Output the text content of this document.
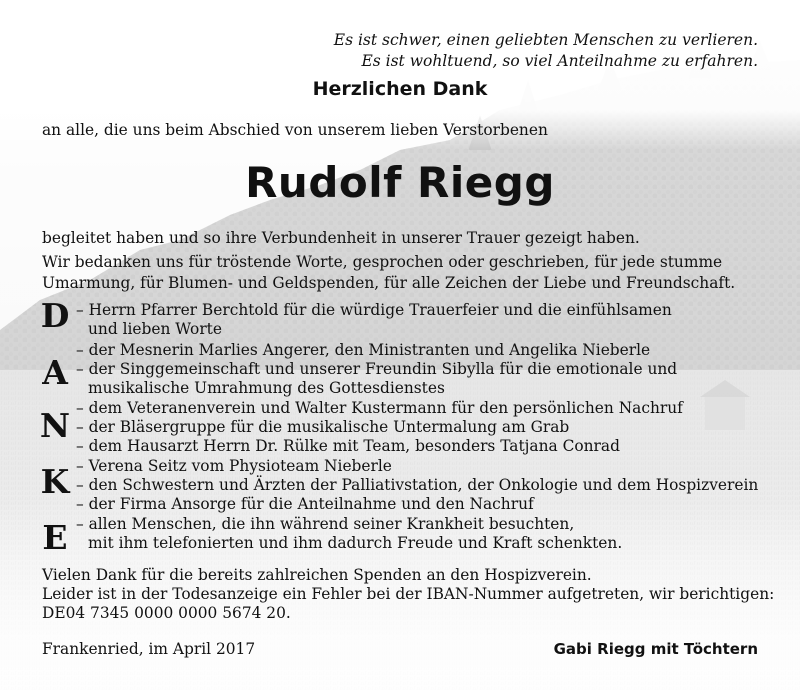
Es ist schwer, einen geliebten Menschen zu verlieren.
Es ist wohltuend, so viel Anteilnahme zu erfahren.
Herzlichen Dank
an alle, die uns beim Abschied von unserem lieben Verstorbenen
Rudolf Riegg
begleitet haben und so ihre Verbundenheit in unserer Trauer gezeigt haben.
Wir bedanken uns für tröstende Worte, gesprochen oder geschrieben, für jede stumme
Umarmung, für Blumen- und Geldspenden, für alle Zeichen der Liebe und Freundschaft.
D
A
N
K
E
– Herrn Pfarrer Berchtold für die würdige Trauerfeier und die einfühlsamen
und lieben Worte
– der Mesnerin Marlies Angerer, den Ministranten und Angelika Nieberle
– der Singgemeinschaft und unserer Freundin Sibylla für die emotionale und
musikalische Umrahmung des Gottesdienstes
– dem Veteranenverein und Walter Kustermann für den persönlichen Nachruf
– der Bläsergruppe für die musikalische Untermalung am Grab
– dem Hausarzt Herrn Dr. Rülke mit Team, besonders Tatjana Conrad
– Verena Seitz vom Physioteam Nieberle
– den Schwestern und Ärzten der Palliativstation, der Onkologie und dem Hospizverein
– der Firma Ansorge für die Anteilnahme und den Nachruf
– allen Menschen, die ihn während seiner Krankheit besuchten,
mit ihm telefonierten und ihm dadurch Freude und Kraft schenkten.
Vielen Dank für die bereits zahlreichen Spenden an den Hospizverein.
Leider ist in der Todesanzeige ein Fehler bei der IBAN-Nummer aufgetreten, wir berichtigen:
DE04 7345 0000 0000 5674 20.
Frankenried, im April 2017	Gabi Riegg mit Töchtern
